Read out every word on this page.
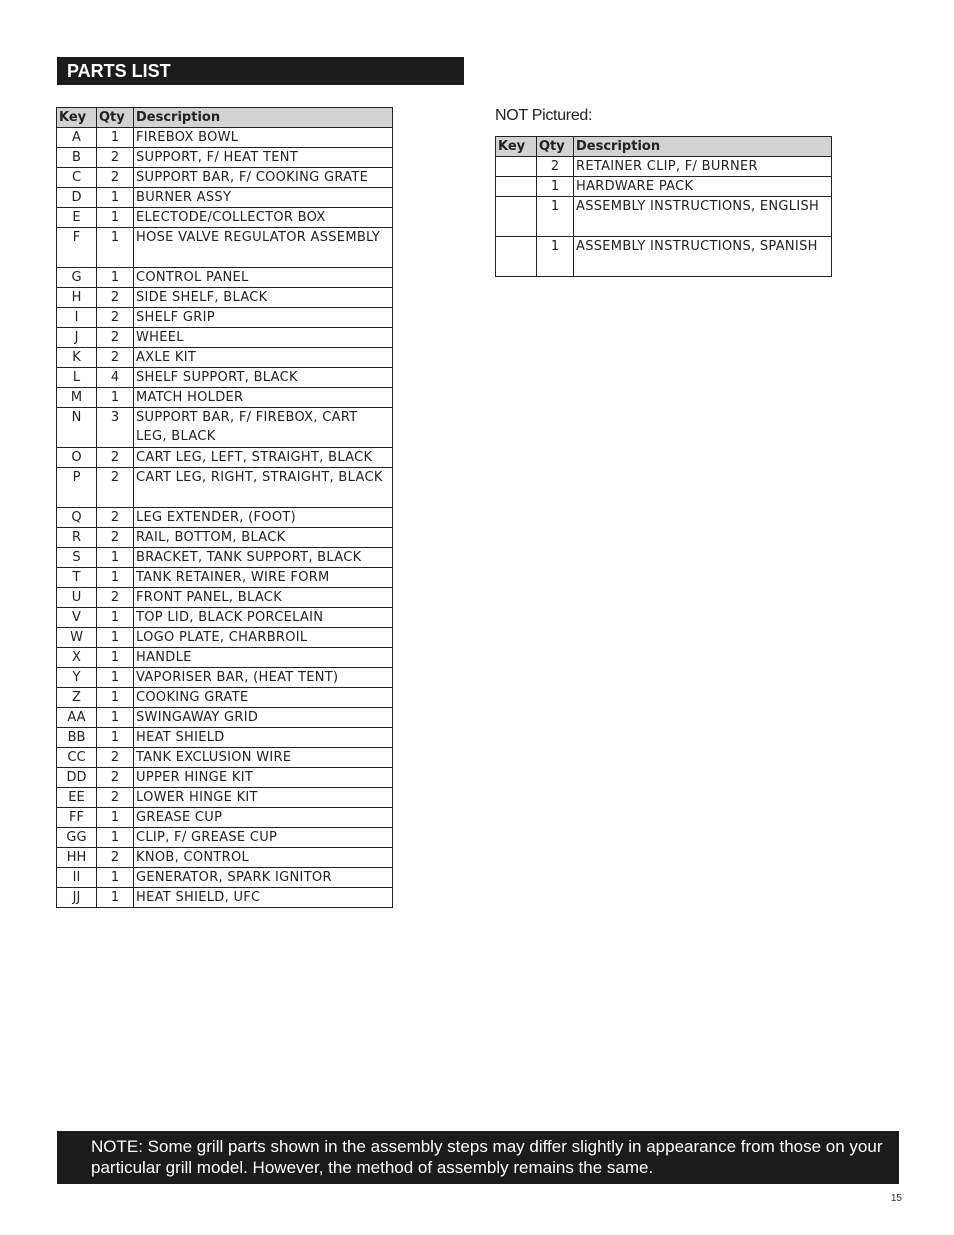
PARTS LIST
Key	Qty	Description
A	1	FIREBOX BOWL
B	2	SUPPORT, F/ HEAT TENT
C	2	SUPPORT BAR, F/ COOKING GRATE
D	1	BURNER ASSY
E	1	ELECTODE/COLLECTOR BOX
F	1	HOSE VALVE REGULATOR ASSEMBLY
G	1	CONTROL PANEL
H	2	SIDE SHELF, BLACK
I	2	SHELF GRIP
J	2	WHEEL
K	2	AXLE KIT
L	4	SHELF SUPPORT, BLACK
M	1	MATCH HOLDER
N	3	SUPPORT BAR, F/ FIREBOX, CART LEG, BLACK
O	2	CART LEG, LEFT, STRAIGHT, BLACK
P	2	CART LEG, RIGHT, STRAIGHT, BLACK
Q	2	LEG EXTENDER, (FOOT)
R	2	RAIL, BOTTOM, BLACK
S	1	BRACKET, TANK SUPPORT, BLACK
T	1	TANK RETAINER, WIRE FORM
U	2	FRONT PANEL, BLACK
V	1	TOP LID, BLACK PORCELAIN
W	1	LOGO PLATE, CHARBROIL
X	1	HANDLE
Y	1	VAPORISER BAR, (HEAT TENT)
Z	1	COOKING GRATE
AA	1	SWINGAWAY GRID
BB	1	HEAT SHIELD
CC	2	TANK EXCLUSION WIRE
DD	2	UPPER HINGE KIT
EE	2	LOWER HINGE KIT
FF	1	GREASE CUP
GG	1	CLIP, F/ GREASE CUP
HH	2	KNOB, CONTROL
II	1	GENERATOR, SPARK IGNITOR
JJ	1	HEAT SHIELD, UFC
NOT Pictured:
Key	Qty	Description
	2	RETAINER CLIP, F/ BURNER
	1	HARDWARE PACK
	1	ASSEMBLY INSTRUCTIONS, ENGLISH
	1	ASSEMBLY INSTRUCTIONS, SPANISH
NOTE: Some grill parts shown in the assembly steps may differ slightly in appearance from those on your particular grill model. However, the method of assembly remains the same.
15
